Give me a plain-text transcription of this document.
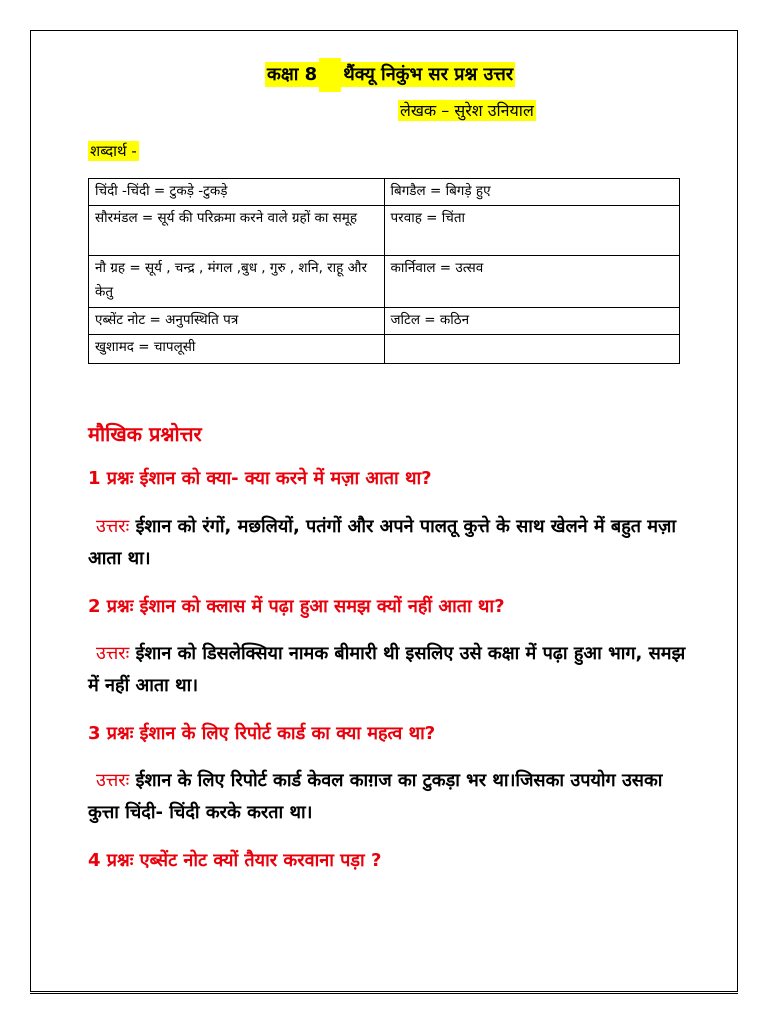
कक्षा 8 थैंक्यू निकुंभ सर प्रश्न उत्तर
लेखक – सुरेश उनियाल
शब्दार्थ -
चिंदी -चिंदी = टुकड़े -टुकड़े	बिगडैल = बिगड़े हुए
सौरमंडल = सूर्य की परिक्रमा करने वाले ग्रहों का समूह	परवाह = चिंता
नौ ग्रह = सूर्य , चन्द्र , मंगल ,बुध , गुरु , शनि, राहू और केतु	कार्निवाल = उत्सव
एब्सेंट नोट = अनुपस्थिति पत्र	जटिल = कठिन
खुशामद = चापलूसी	
मौखिक प्रश्नोत्तर
1 प्रश्नः ईशान को क्या- क्या करने में मज़ा आता था?
उत्तरः ईशान को रंगों, मछलियों, पतंगों और अपने पालतू कुत्ते के साथ खेलने में बहुत मज़ा आता था।
2 प्रश्नः ईशान को क्लास में पढ़ा हुआ समझ क्यों नहीं आता था?
उत्तरः ईशान को डिसलेक्सिया नामक बीमारी थी इसलिए उसे कक्षा में पढ़ा हुआ भाग, समझ में नहीं आता था।
3 प्रश्नः ईशान के लिए रिपोर्ट कार्ड का क्या महत्व था?
उत्तरः ईशान के लिए रिपोर्ट कार्ड केवल काग़ज का टुकड़ा भर था।जिसका उपयोग उसका कुत्ता चिंदी- चिंदी करके करता था।
4 प्रश्नः एब्सेंट नोट क्यों तैयार करवाना पड़ा ?
